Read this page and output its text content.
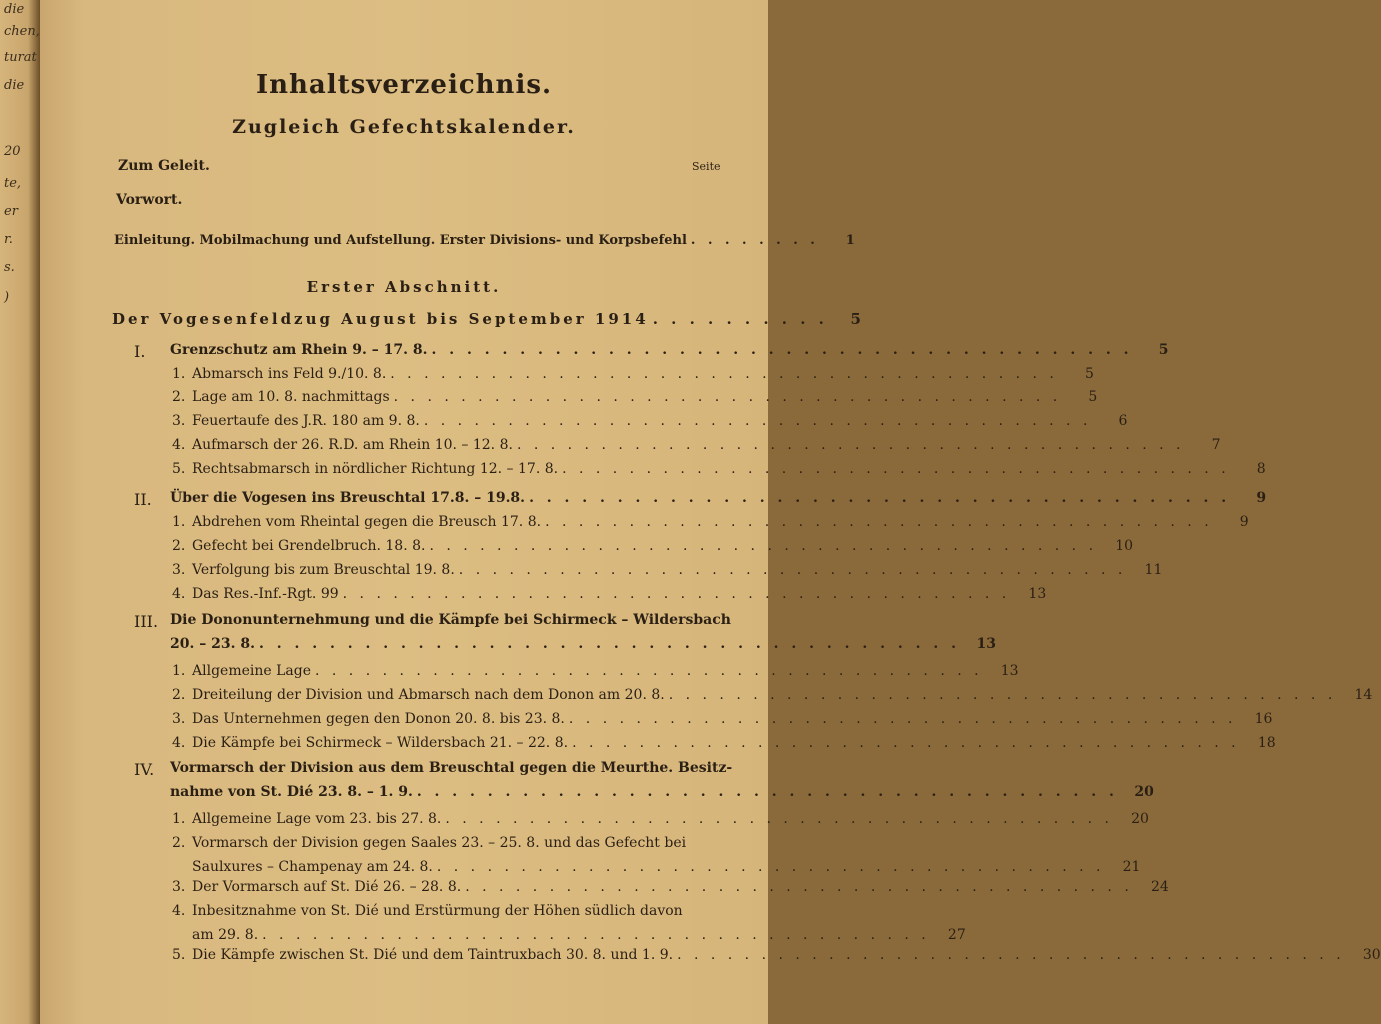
die
chen,
turat
die
20
te,
er
r.
s.
)
Inhaltsverzeichnis.
Zugleich Gefechtskalender.
Seite
Zum Geleit.
Vorwort.
Einleitung. Mobilmachung und Aufstellung. Erster Divisions- und Korpsbefehl . . . . . . . .	1
Erster Abschnitt.
Der Vogesenfeldzug August bis September 1914 . . . . . . . . . .	5
I. Grenzschutz am Rhein 9. – 17. 8. . . . . . . . . . . . . . . . . . . . . . . . . . . . . . . . . . . . . . . . .	5
1. Abmarsch ins Feld 9./10. 8. . . . . . . . . . . . . . . . . . . . . . . . . . . . . . . . . . . . . . . . .	5
2. Lage am 10. 8. nachmittags . . . . . . . . . . . . . . . . . . . . . . . . . . . . . . . . . . . . . . . .	5
3. Feuertaufe des J.R. 180 am 9. 8. . . . . . . . . . . . . . . . . . . . . . . . . . . . . . . . . . . . . . . . .	6
4. Aufmarsch der 26. R.D. am Rhein 10. – 12. 8. . . . . . . . . . . . . . . . . . . . . . . . . . . . . . . . . . . . . . . . .	7
5. Rechtsabmarsch in nördlicher Richtung 12. – 17. 8. . . . . . . . . . . . . . . . . . . . . . . . . . . . . . . . . . . . . . . . .	8
II. Über die Vogesen ins Breuschtal 17.8. – 19.8. . . . . . . . . . . . . . . . . . . . . . . . . . . . . . . . . . . . . . . . .	9
1. Abdrehen vom Rheintal gegen die Breusch 17. 8. . . . . . . . . . . . . . . . . . . . . . . . . . . . . . . . . . . . . . . . .	9
2. Gefecht bei Grendelbruch. 18. 8. . . . . . . . . . . . . . . . . . . . . . . . . . . . . . . . . . . . . . . . .	10
3. Verfolgung bis zum Breuschtal 19. 8. . . . . . . . . . . . . . . . . . . . . . . . . . . . . . . . . . . . . . . . .	11
4. Das Res.-Inf.-Rgt. 99 . . . . . . . . . . . . . . . . . . . . . . . . . . . . . . . . . . . . . . . .	13
III. Die Dononunternehmung und die Kämpfe bei Schirmeck – Wildersbach
20. – 23. 8. . . . . . . . . . . . . . . . . . . . . . . . . . . . . . . . . . . . . . . . .	13
1. Allgemeine Lage . . . . . . . . . . . . . . . . . . . . . . . . . . . . . . . . . . . . . . . .	13
2. Dreiteilung der Division und Abmarsch nach dem Donon am 20. 8. . . . . . . . . . . . . . . . . . . . . . . . . . . . . . . . . . . . . . . . .	14
3. Das Unternehmen gegen den Donon 20. 8. bis 23. 8. . . . . . . . . . . . . . . . . . . . . . . . . . . . . . . . . . . . . . . . .	16
4. Die Kämpfe bei Schirmeck – Wildersbach 21. – 22. 8. . . . . . . . . . . . . . . . . . . . . . . . . . . . . . . . . . . . . . . . .	18
IV. Vormarsch der Division aus dem Breuschtal gegen die Meurthe. Besitz-
nahme von St. Dié 23. 8. – 1. 9. . . . . . . . . . . . . . . . . . . . . . . . . . . . . . . . . . . . . . . . .	20
1. Allgemeine Lage vom 23. bis 27. 8. . . . . . . . . . . . . . . . . . . . . . . . . . . . . . . . . . . . . . . . .	20
2. Vormarsch der Division gegen Saales 23. – 25. 8. und das Gefecht bei
Saulxures – Champenay am 24. 8. . . . . . . . . . . . . . . . . . . . . . . . . . . . . . . . . . . . . . . . .	21
3. Der Vormarsch auf St. Dié 26. – 28. 8. . . . . . . . . . . . . . . . . . . . . . . . . . . . . . . . . . . . . . . . .	24
4. Inbesitznahme von St. Dié und Erstürmung der Höhen südlich davon
am 29. 8. . . . . . . . . . . . . . . . . . . . . . . . . . . . . . . . . . . . . . . . .	27
5. Die Kämpfe zwischen St. Dié und dem Taintruxbach 30. 8. und 1. 9. . . . . . . . . . . . . . . . . . . . . . . . . . . . . . . . . . . . . . . . .	30
